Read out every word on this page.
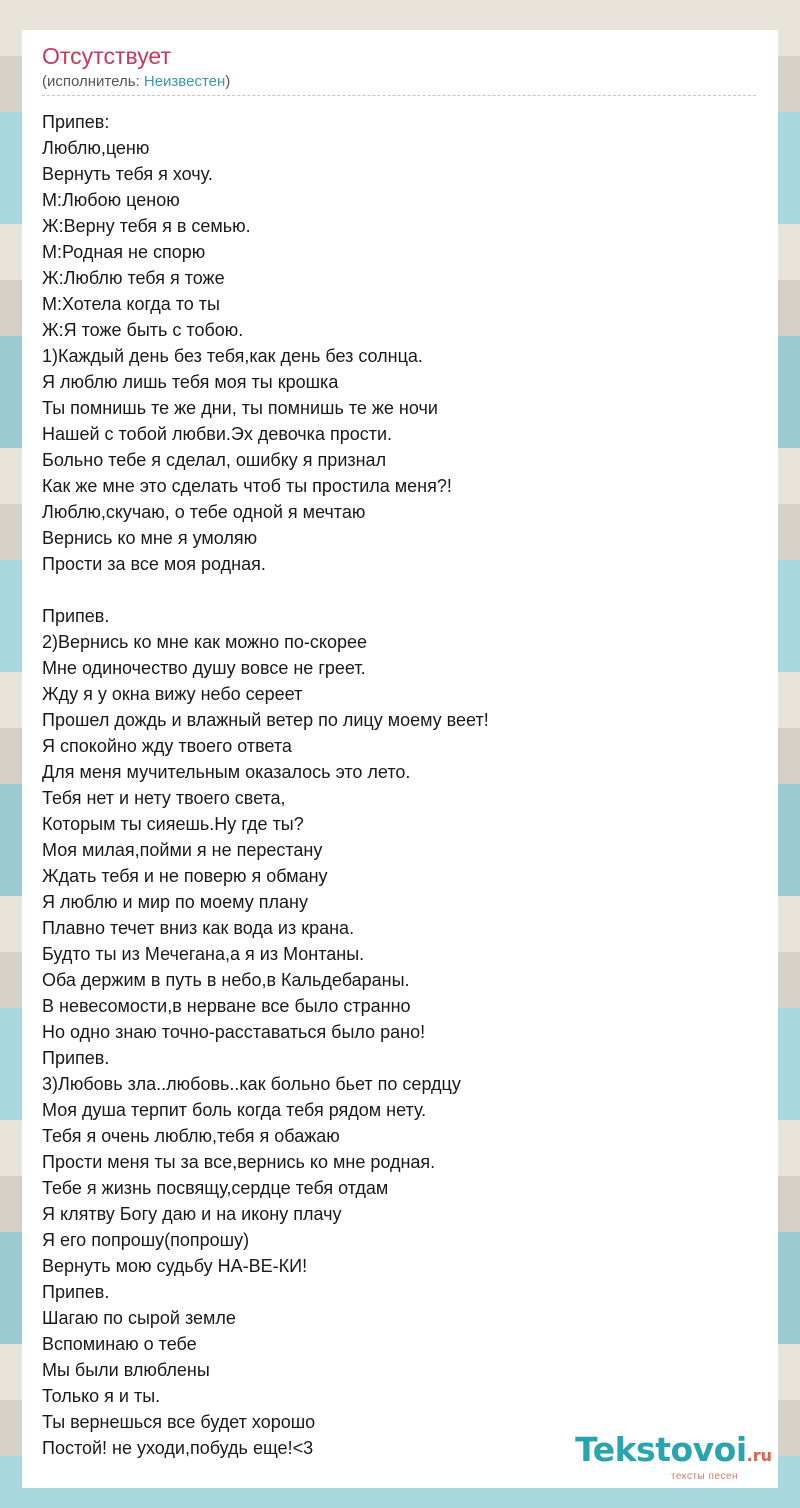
Отсутствует
(исполнитель: Неизвестен)
Припев:
Люблю,ценю
Вернуть тебя я хочу.
М:Любою ценою
Ж:Верну тебя я в семью.
М:Родная не спорю
Ж:Люблю тебя я тоже
М:Хотела когда то ты
Ж:Я тоже быть с тобою.
1)Каждый день без тебя,как день без солнца.
Я люблю лишь тебя моя ты крошка
Ты помнишь те же дни, ты помнишь те же ночи
Нашей с тобой любви.Эх девочка прости.
Больно тебе я сделал, ошибку я признал
Как же мне это сделать чтоб ты простила меня?!
Люблю,скучаю, о тебе одной я мечтаю
Вернись ко мне я умоляю
Прости за все моя родная.
Припев.
2)Вернись ко мне как можно по-скорее
Мне одиночество душу вовсе не греет.
Жду я у окна вижу небо сереет
Прошел дождь и влажный ветер по лицу моему веет!
Я спокойно жду твоего ответа
Для меня мучительным оказалось это лето.
Тебя нет и нету твоего света,
Которым ты сияешь.Ну где ты?
Моя милая,пойми я не перестану
Ждать тебя и не поверю я обману
Я люблю и мир по моему плану
Плавно течет вниз как вода из крана.
Будто ты из Мечегана,а я из Монтаны.
Оба держим в путь в небо,в Кальдебараны.
В невесомости,в нерване все было странно
Но одно знаю точно-расставаться было рано!
Припев.
3)Любовь зла..любовь..как больно бьет по сердцу
Моя душа терпит боль когда тебя рядом нету.
Тебя я очень люблю,тебя я обажаю
Прости меня ты за все,вернись ко мне родная.
Тебе я жизнь посвящу,сердце тебя отдам
Я клятву Богу даю и на икону плачу
Я его попрошу(попрошу)
Вернуть мою судьбу НА-ВЕ-КИ!
Припев.
Шагаю по сырой земле
Вспоминаю о тебе
Мы были влюблены
Только я и ты.
Ты вернешься все будет хорошо
Постой! не уходи,побудь еще!<3	Tekstovoi.ru
тексты песен
